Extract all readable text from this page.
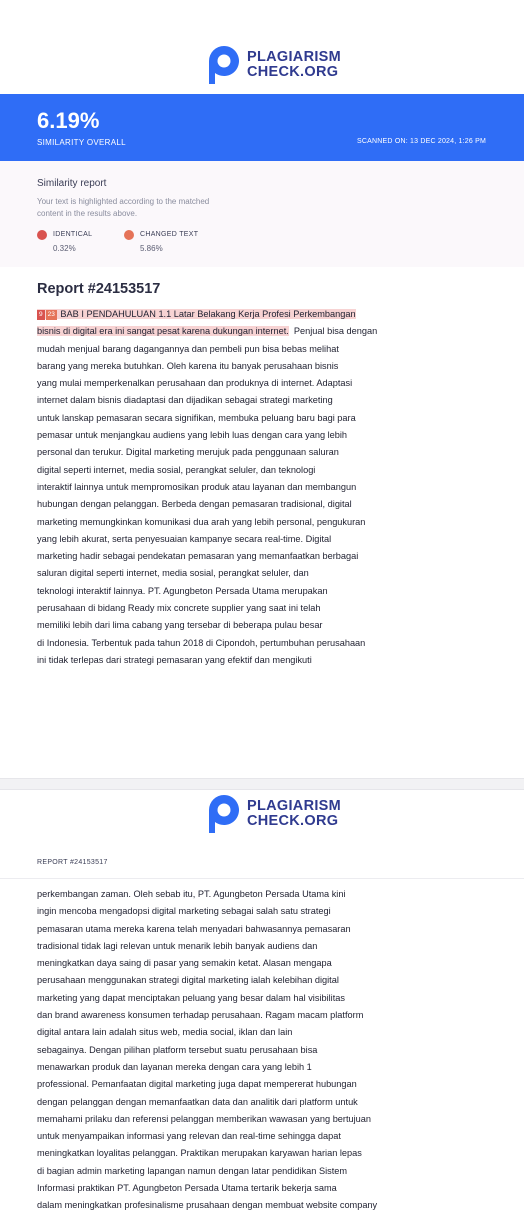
PLAGIARISM
CHECK.ORG
6.19%
SIMILARITY OVERALL	SCANNED ON: 13 DEC 2024, 1:26 PM
Similarity report
Your text is highlighted according to the matched content in the results above.
IDENTICAL
0.32%
CHANGED TEXT
5.86%
Report #24153517
9 23 BAB I PENDAHULUAN 1.1 Latar Belakang Kerja Profesi Perkembangan
bisnis di digital era ini sangat pesat karena dukungan internet. Penjual bisa dengan
mudah menjual barang dagangannya dan pembeli pun bisa bebas melihat
barang yang mereka butuhkan. Oleh karena itu banyak perusahaan bisnis
yang mulai memperkenalkan perusahaan dan produknya di internet. Adaptasi
internet dalam bisnis diadaptasi dan dijadikan sebagai strategi marketing
untuk lanskap pemasaran secara signifikan, membuka peluang baru bagi para
pemasar untuk menjangkau audiens yang lebih luas dengan cara yang lebih
personal dan terukur. Digital marketing merujuk pada penggunaan saluran
digital seperti internet, media sosial, perangkat seluler, dan teknologi
interaktif lainnya untuk mempromosikan produk atau layanan dan membangun
hubungan dengan pelanggan. Berbeda dengan pemasaran tradisional, digital
marketing memungkinkan komunikasi dua arah yang lebih personal, pengukuran
yang lebih akurat, serta penyesuaian kampanye secara real-time. Digital
marketing hadir sebagai pendekatan pemasaran yang memanfaatkan berbagai
saluran digital seperti internet, media sosial, perangkat seluler, dan
teknologi interaktif lainnya. PT. Agungbeton Persada Utama merupakan
perusahaan di bidang Ready mix concrete supplier yang saat ini telah
memiliki lebih dari lima cabang yang tersebar di beberapa pulau besar
di Indonesia. Terbentuk pada tahun 2018 di Cipondoh, pertumbuhan perusahaan
ini tidak terlepas dari strategi pemasaran yang efektif dan mengikuti
PLAGIARISM
CHECK.ORG
REPORT #24153517
perkembangan zaman. Oleh sebab itu, PT. Agungbeton Persada Utama kini
ingin mencoba mengadopsi digital marketing sebagai salah satu strategi
pemasaran utama mereka karena telah menyadari bahwasannya pemasaran
tradisional tidak lagi relevan untuk menarik lebih banyak audiens dan
meningkatkan daya saing di pasar yang semakin ketat. Alasan mengapa
perusahaan menggunakan strategi digital marketing ialah kelebihan digital
marketing yang dapat menciptakan peluang yang besar dalam hal visibilitas
dan brand awareness konsumen terhadap perusahaan. Ragam macam platform
digital antara lain adalah situs web, media social, iklan dan lain
sebagainya. Dengan pilihan platform tersebut suatu perusahaan bisa
menawarkan produk dan layanan mereka dengan cara yang lebih 1
professional. Pemanfaatan digital marketing juga dapat mempererat hubungan
dengan pelanggan dengan memanfaatkan data dan analitik dari platform untuk
memahami prilaku dan referensi pelanggan memberikan wawasan yang bertujuan
untuk menyampaikan informasi yang relevan dan real-time sehingga dapat
meningkatkan loyalitas pelanggan. Praktikan merupakan karyawan harian lepas
di bagian admin marketing lapangan namun dengan latar pendidikan Sistem
Informasi praktikan PT. Agungbeton Persada Utama tertarik bekerja sama
dalam meningkatkan profesinalisme prusahaan dengan membuat website company
